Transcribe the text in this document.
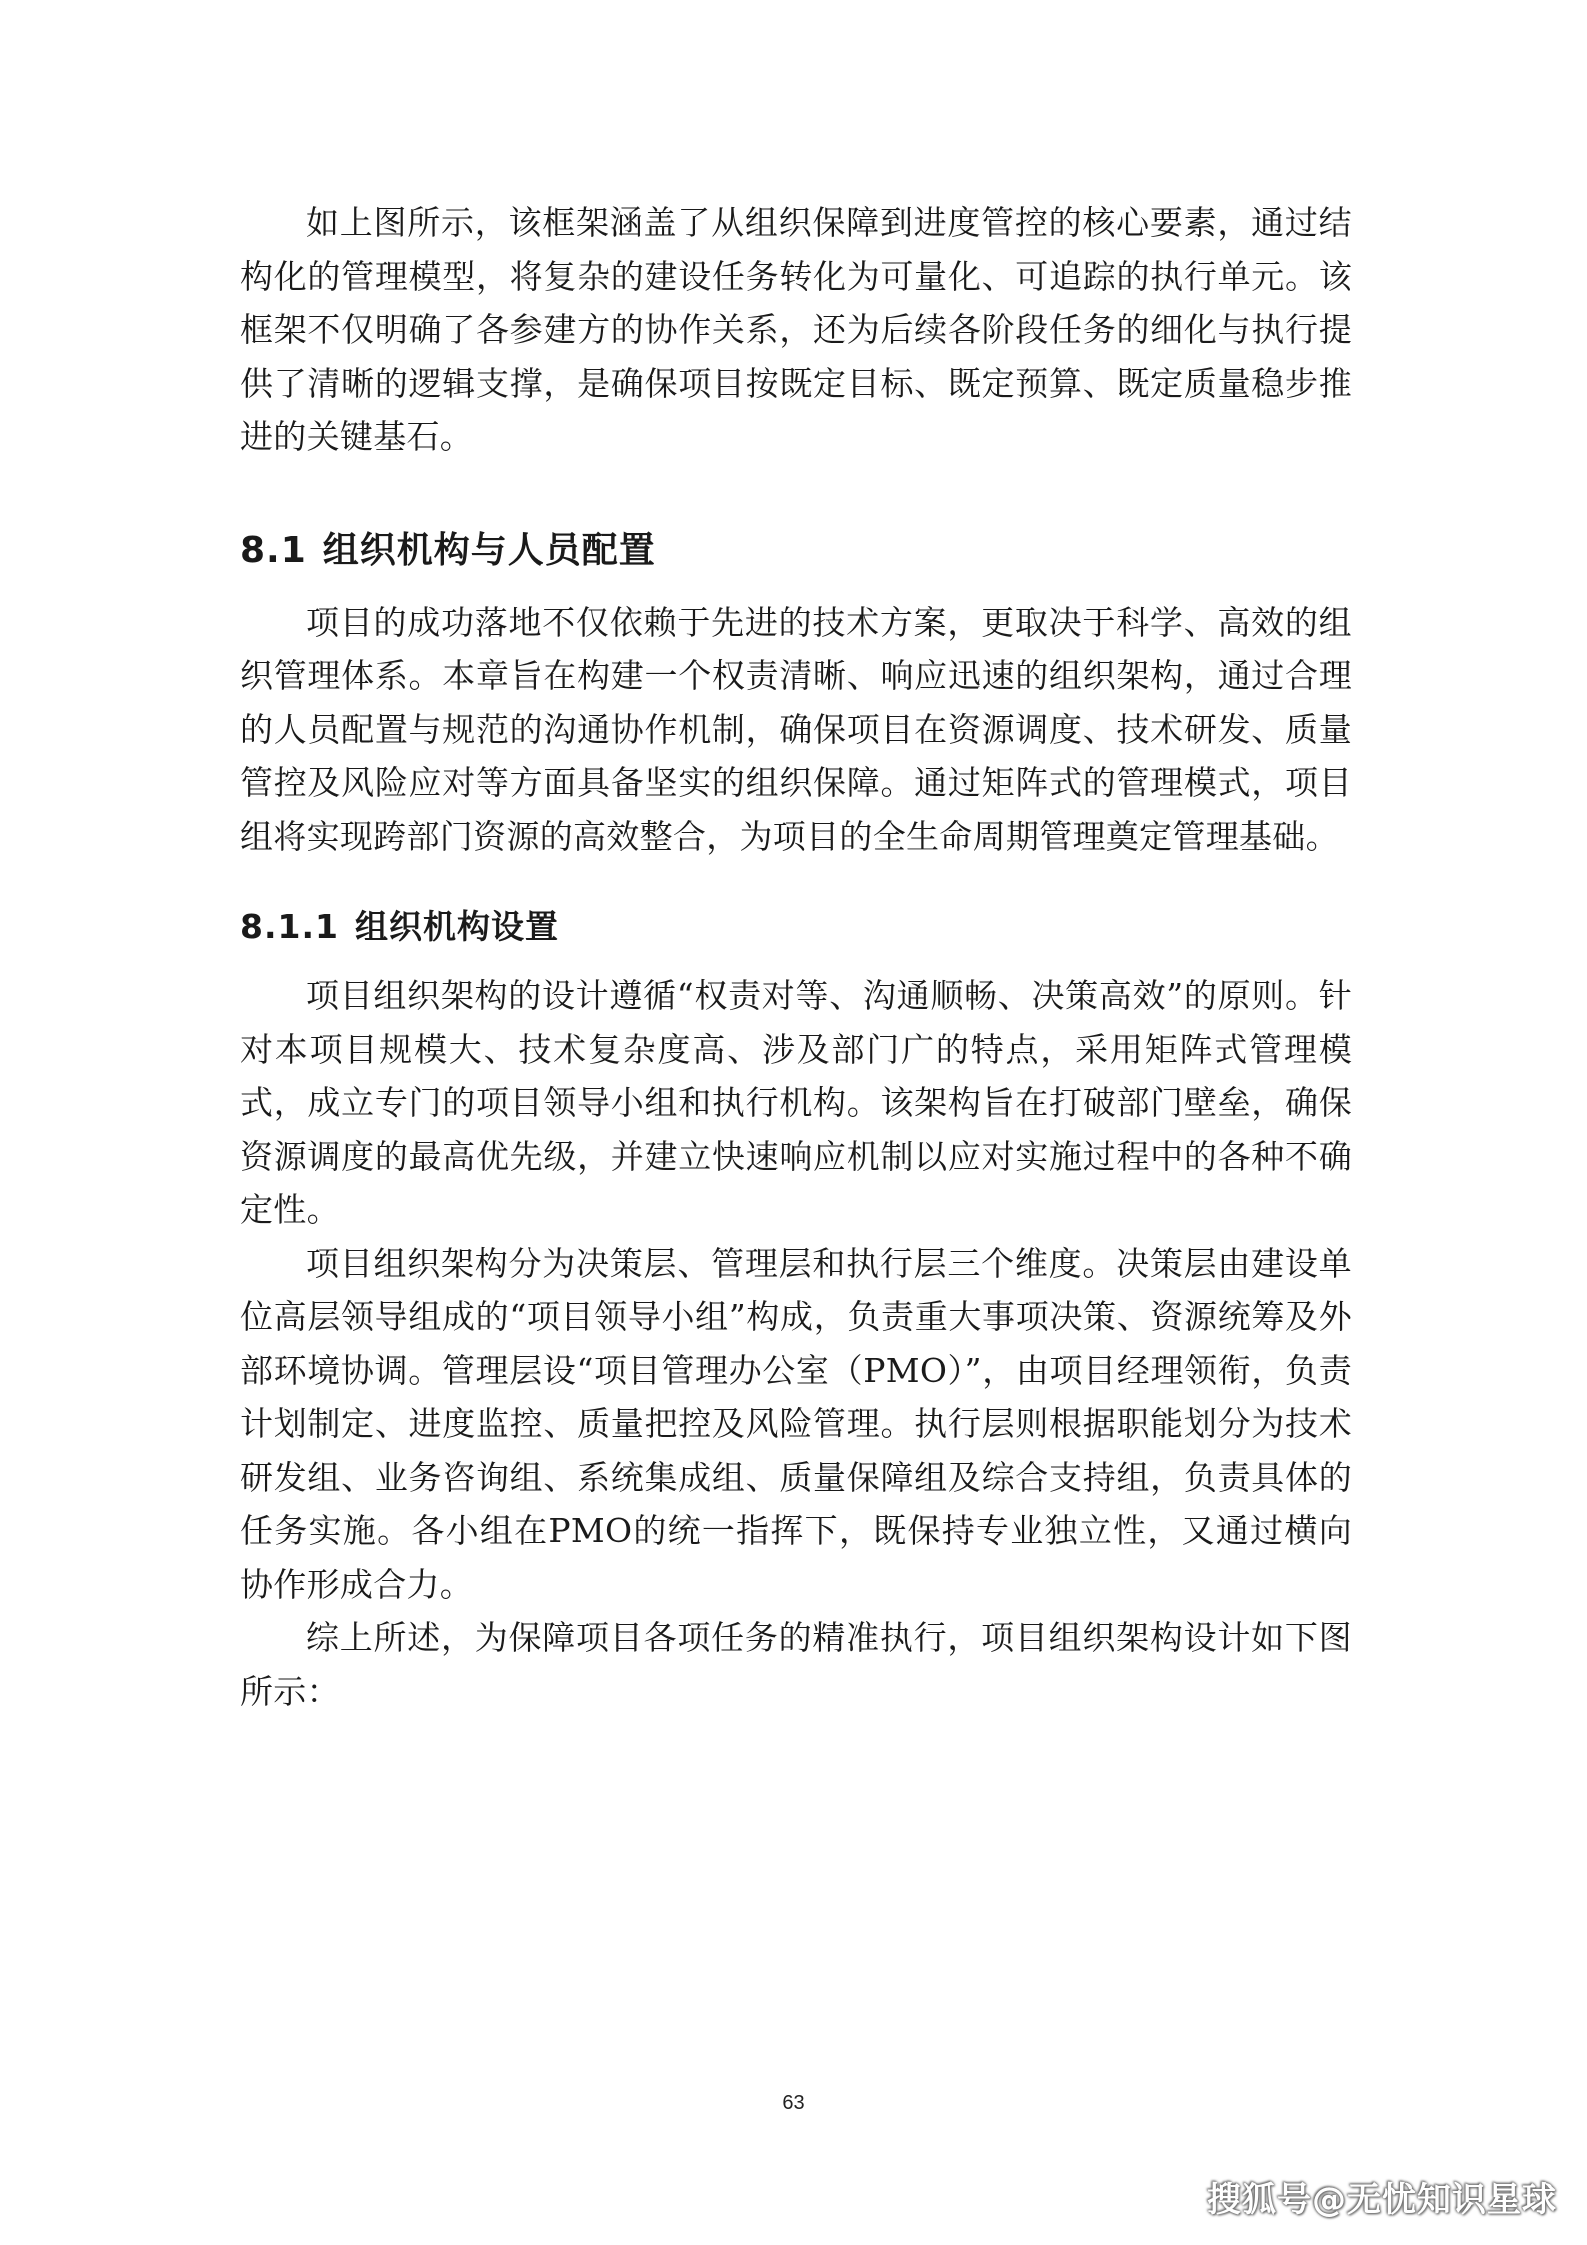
如上图所示，该框架涵盖了从组织保障到进度管控的核心要素，通过结构化的管理模型，将复杂的建设任务转化为可量化、可追踪的执行单元。该框架不仅明确了各参建方的协作关系，还为后续各阶段任务的细化与执行提供了清晰的逻辑支撑，是确保项目按既定目标、既定预算、既定质量稳步推进的关键基石。

8.1 组织机构与人员配置

项目的成功落地不仅依赖于先进的技术方案，更取决于科学、高效的组织管理体系。本章旨在构建一个权责清晰、响应迅速的组织架构，通过合理的人员配置与规范的沟通协作机制，确保项目在资源调度、技术研发、质量管控及风险应对等方面具备坚实的组织保障。通过矩阵式的管理模式，项目组将实现跨部门资源的高效整合，为项目的全生命周期管理奠定管理基础。

8.1.1 组织机构设置

项目组织架构的设计遵循“权责对等、沟通顺畅、决策高效”的原则。针对本项目规模大、技术复杂度高、涉及部门广的特点，采用矩阵式管理模式，成立专门的项目领导小组和执行机构。该架构旨在打破部门壁垒，确保资源调度的最高优先级，并建立快速响应机制以应对实施过程中的各种不确定性。

项目组织架构分为决策层、管理层和执行层三个维度。决策层由建设单位高层领导组成的“项目领导小组”构成，负责重大事项决策、资源统筹及外部环境协调。管理层设“项目管理办公室（PMO）”，由项目经理领衔，负责计划制定、进度监控、质量把控及风险管理。执行层则根据职能划分为技术研发组、业务咨询组、系统集成组、质量保障组及综合支持组，负责具体的任务实施。各小组在PMO的统一指挥下，既保持专业独立性，又通过横向协作形成合力。

综上所述，为保障项目各项任务的精准执行，项目组织架构设计如下图所示：

63
搜狐号@无忧知识星球
